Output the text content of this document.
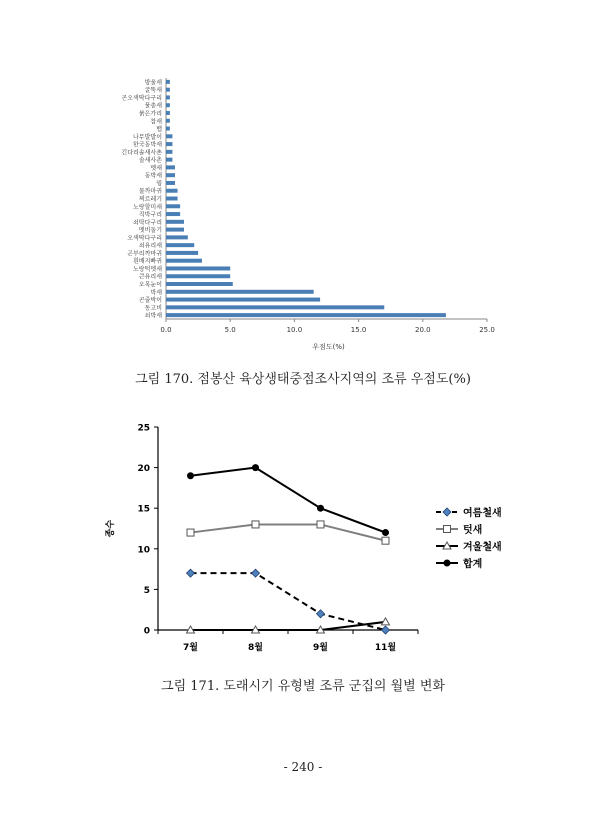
방울새
굴뚝새
곤오색딱다구리
물총새
붉은가리
참새
뱁
나무발발이
한국동박새
긴다리솔새사촌
솔새사촌
멧새
동박새
꿩
물까마귀
찌르레기
노랑할미새
직박구리
쇠딱다구리
멧비둘기
오색딱다구리
쇠유리새
곤부리까마귀
흰배지빠귀
노랑턱멧새
큰유리새
오목눈이
박새
곤줄박이
동고비
쇠박새
0.0	5.0	10.0	15.0	20.0	25.0
우점도(%)
그림 170. 점봉산 육상생태중점조사지역의 조류 우점도(%)
0
5
10
15
20
25
7월	8월	9월	11월
종수
여름철새
텃새
겨울철새
합계
그림 171. 도래시기 유형별 조류 군집의 월별 변화
- 240 -
